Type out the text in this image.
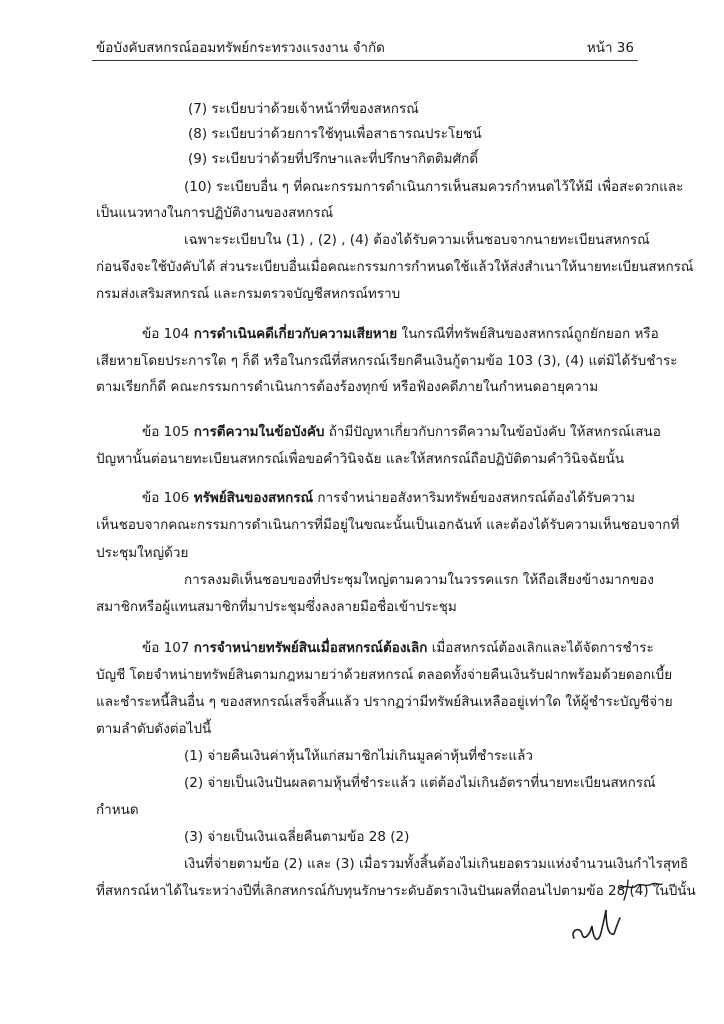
ข้อบังคับสหกรณ์ออมทรัพย์กระทรวงแรงงาน จำกัด	หน้า 36
(7) ระเบียบว่าด้วยเจ้าหน้าที่ของสหกรณ์
(8) ระเบียบว่าด้วยการใช้ทุนเพื่อสาธารณประโยชน์
(9) ระเบียบว่าด้วยที่ปรึกษาและที่ปรึกษากิตติมศักดิ์
(10) ระเบียบอื่น ๆ ที่คณะกรรมการดำเนินการเห็นสมควรกำหนดไว้ให้มี เพื่อสะดวกและ
เป็นแนวทางในการปฏิบัติงานของสหกรณ์
เฉพาะระเบียบใน (1) , (2) , (4) ต้องได้รับความเห็นชอบจากนายทะเบียนสหกรณ์
ก่อนจึงจะใช้บังคับได้ ส่วนระเบียบอื่นเมื่อคณะกรรมการกำหนดใช้แล้วให้ส่งสำเนาให้นายทะเบียนสหกรณ์
กรมส่งเสริมสหกรณ์ และกรมตรวจบัญชีสหกรณ์ทราบ
ข้อ 104 การดำเนินคดีเกี่ยวกับความเสียหาย ในกรณีที่ทรัพย์สินของสหกรณ์ถูกยักยอก หรือ
เสียหายโดยประการใด ๆ ก็ดี หรือในกรณีที่สหกรณ์เรียกคืนเงินกู้ตามข้อ 103 (3), (4) แต่มิได้รับชำระ
ตามเรียกก็ดี คณะกรรมการดำเนินการต้องร้องทุกข์ หรือฟ้องคดีภายในกำหนดอายุความ
ข้อ 105 การตีความในข้อบังคับ ถ้ามีปัญหาเกี่ยวกับการตีความในข้อบังคับ ให้สหกรณ์เสนอ
ปัญหานั้นต่อนายทะเบียนสหกรณ์เพื่อขอคำวินิจฉัย และให้สหกรณ์ถือปฏิบัติตามคำวินิจฉัยนั้น
ข้อ 106 ทรัพย์สินของสหกรณ์ การจำหน่ายอสังหาริมทรัพย์ของสหกรณ์ต้องได้รับความ
เห็นชอบจากคณะกรรมการดำเนินการที่มีอยู่ในขณะนั้นเป็นเอกฉันท์ และต้องได้รับความเห็นชอบจากที่
ประชุมใหญ่ด้วย
การลงมติเห็นชอบของที่ประชุมใหญ่ตามความในวรรคแรก ให้ถือเสียงข้างมากของ
สมาชิกหรือผู้แทนสมาชิกที่มาประชุมซึ่งลงลายมือชื่อเข้าประชุม
ข้อ 107 การจำหน่ายทรัพย์สินเมื่อสหกรณ์ต้องเลิก เมื่อสหกรณ์ต้องเลิกและได้จัดการชำระ
บัญชี โดยจำหน่ายทรัพย์สินตามกฎหมายว่าด้วยสหกรณ์ ตลอดทั้งจ่ายคืนเงินรับฝากพร้อมด้วยดอกเบี้ย
และชำระหนี้สินอื่น ๆ ของสหกรณ์เสร็จสิ้นแล้ว ปรากฏว่ามีทรัพย์สินเหลืออยู่เท่าใด ให้ผู้ชำระบัญชีจ่าย
ตามลำดับดังต่อไปนี้
(1) จ่ายคืนเงินค่าหุ้นให้แก่สมาชิกไม่เกินมูลค่าหุ้นที่ชำระแล้ว
(2) จ่ายเป็นเงินปันผลตามหุ้นที่ชำระแล้ว แต่ต้องไม่เกินอัตราที่นายทะเบียนสหกรณ์
กำหนด
(3) จ่ายเป็นเงินเฉลี่ยคืนตามข้อ 28 (2)
เงินที่จ่ายตามข้อ (2) และ (3) เมื่อรวมทั้งสิ้นต้องไม่เกินยอดรวมแห่งจำนวนเงินกำไรสุทธิ
ที่สหกรณ์หาได้ในระหว่างปีที่เลิกสหกรณ์กับทุนรักษาระดับอัตราเงินปันผลที่ถอนไปตามข้อ 28 (4) ในปีนั้น
